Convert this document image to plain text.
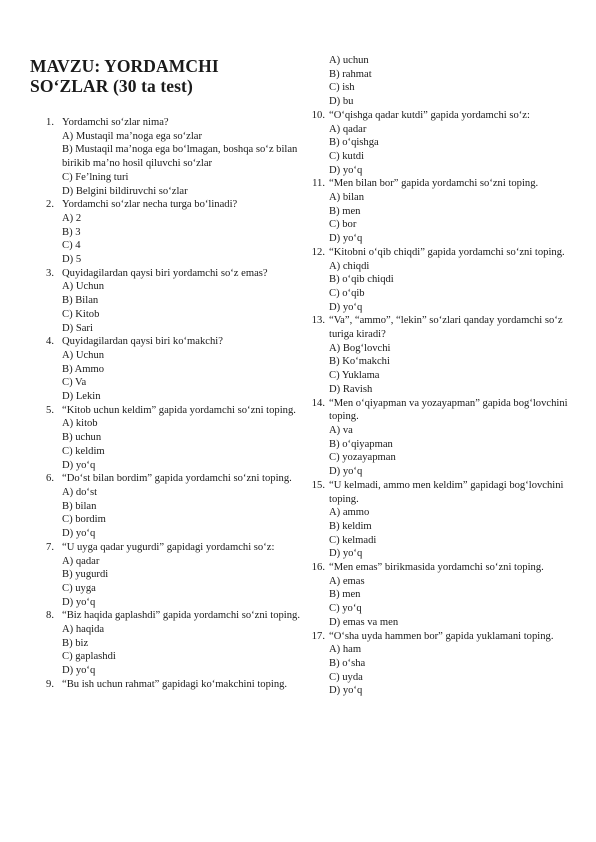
MAVZU: YORDAMCHI
SO‘ZLAR (30 ta test)
1. Yordamchi so‘zlar nima?
A) Mustaqil ma’noga ega so‘zlar
B) Mustaqil ma’noga ega bo‘lmagan, boshqa so‘z bilan birikib ma’no hosil qiluvchi so‘zlar
C) Fe’lning turi
D) Belgini bildiruvchi so‘zlar
2. Yordamchi so‘zlar necha turga bo‘linadi?
A) 2
B) 3
C) 4
D) 5
3. Quyidagilardan qaysi biri yordamchi so‘z emas?
A) Uchun
B) Bilan
C) Kitob
D) Sari
4. Quyidagilardan qaysi biri ko‘makchi?
A) Uchun
B) Ammo
C) Va
D) Lekin
5. “Kitob uchun keldim” gapida yordamchi so‘zni toping.
A) kitob
B) uchun
C) keldim
D) yo‘q
6. “Do‘st bilan bordim” gapida yordamchi so‘zni toping.
A) do‘st
B) bilan
C) bordim
D) yo‘q
7. “U uyga qadar yugurdi” gapidagi yordamchi so‘z:
A) qadar
B) yugurdi
C) uyga
D) yo‘q
8. “Biz haqida gaplashdi” gapida yordamchi so‘zni toping.
A) haqida
B) biz
C) gaplashdi
D) yo‘q
9. “Bu ish uchun rahmat” gapidagi ko‘makchini toping.
A) uchun
B) rahmat
C) ish
D) bu
10. “O‘qishga qadar kutdi” gapida yordamchi so‘z:
A) qadar
B) o‘qishga
C) kutdi
D) yo‘q
11. “Men bilan bor” gapida yordamchi so‘zni toping.
A) bilan
B) men
C) bor
D) yo‘q
12. “Kitobni o‘qib chiqdi” gapida yordamchi so‘zni toping.
A) chiqdi
B) o‘qib chiqdi
C) o‘qib
D) yo‘q
13. “Va”, “ammo”, “lekin” so‘zlari qanday yordamchi so‘z turiga kiradi?
A) Bog‘lovchi
B) Ko‘makchi
C) Yuklama
D) Ravish
14. “Men o‘qiyapman va yozayapman” gapida bog‘lovchini toping.
A) va
B) o‘qiyapman
C) yozayapman
D) yo‘q
15. “U kelmadi, ammo men keldim” gapidagi bog‘lovchini toping.
A) ammo
B) keldim
C) kelmadi
D) yo‘q
16. “Men emas” birikmasida yordamchi so‘zni toping.
A) emas
B) men
C) yo‘q
D) emas va men
17. “O‘sha uyda hammen bor” gapida yuklamani toping.
A) ham
B) o‘sha
C) uyda
D) yo‘q
